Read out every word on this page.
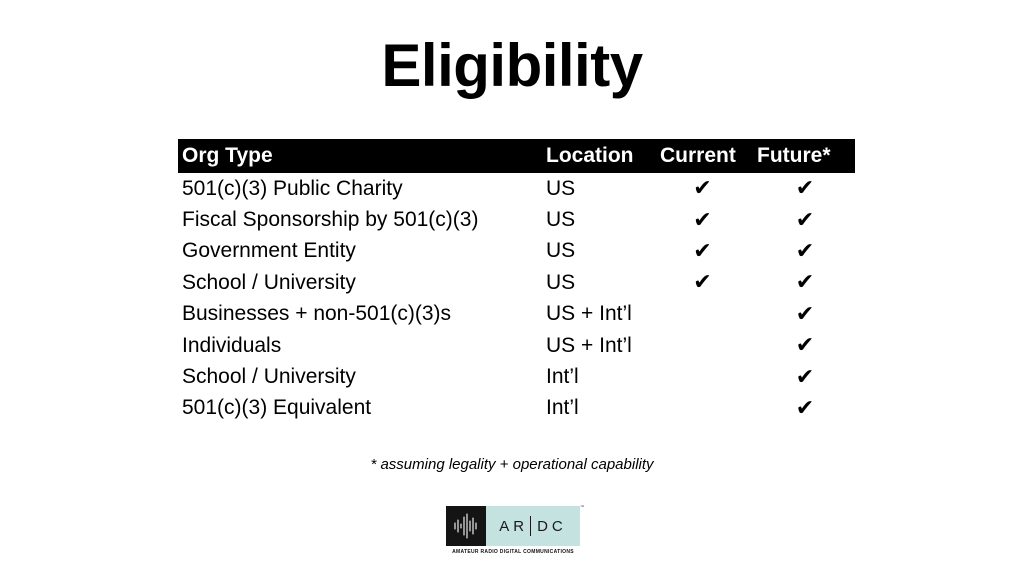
Eligibility
Org Type	Location	Current	Future*
501(c)(3) Public Charity	US	✔	✔
Fiscal Sponsorship by 501(c)(3)	US	✔	✔
Government Entity	US	✔	✔
School / University	US	✔	✔
Businesses + non-501(c)(3)s	US + Int’l		✔
Individuals	US + Int’l		✔
School / University	Int’l		✔
501(c)(3) Equivalent	Int’l		✔
* assuming legality + operational capability
AR DC
™
AMATEUR RADIO DIGITAL COMMUNICATIONS
